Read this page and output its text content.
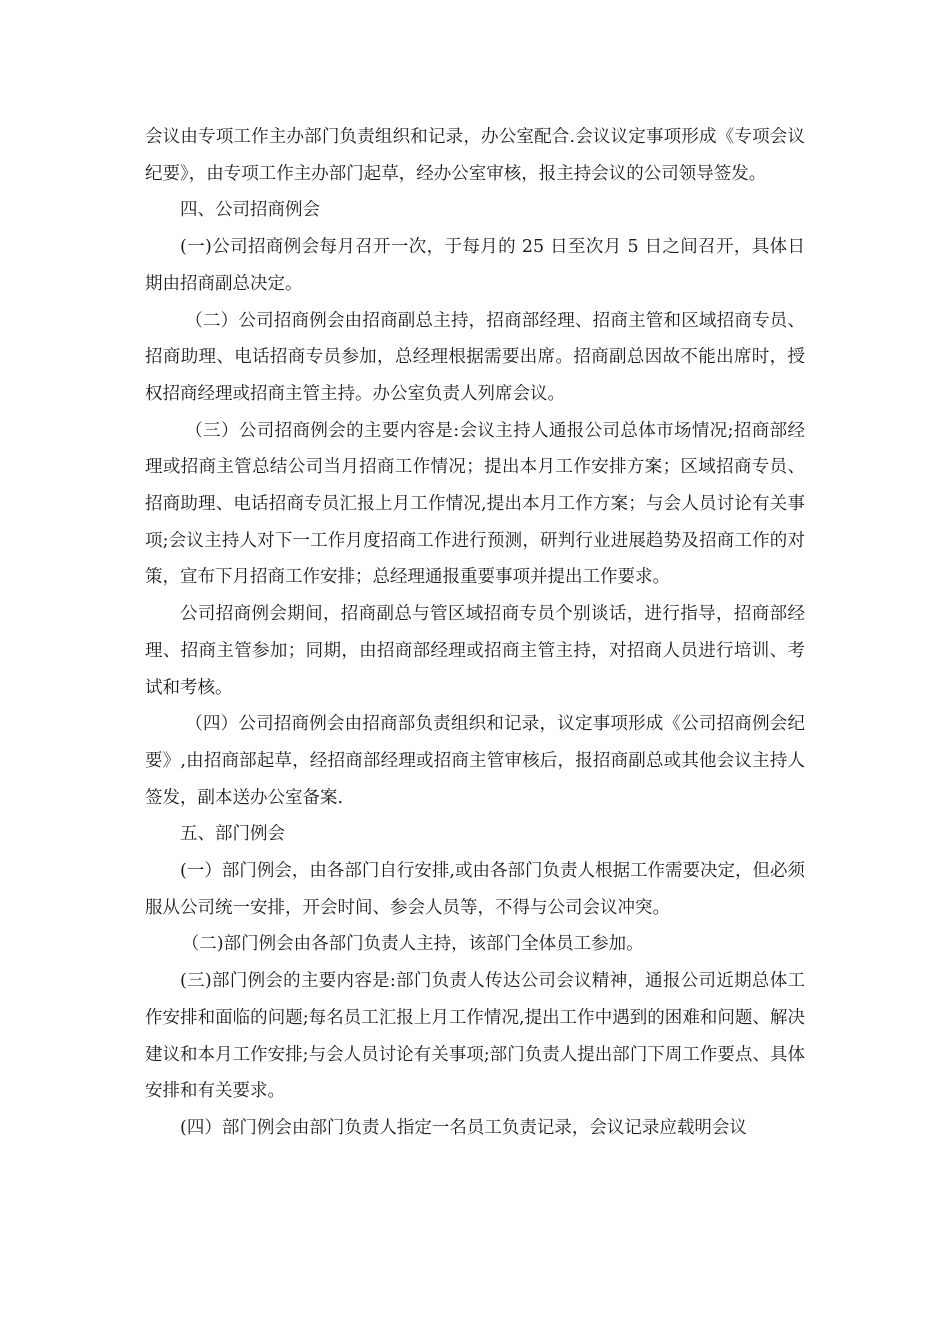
会议由专项工作主办部门负责组织和记录，办公室配合.会议议定事项形成《专项会议纪要》，由专项工作主办部门起草，经办公室审核，报主持会议的公司领导签发。

四、公司招商例会

(一)公司招商例会每月召开一次，于每月的 25 日至次月 5 日之间召开，具体日期由招商副总决定。

（二）公司招商例会由招商副总主持，招商部经理、招商主管和区域招商专员、招商助理、电话招商专员参加，总经理根据需要出席。招商副总因故不能出席时，授权招商经理或招商主管主持。办公室负责人列席会议。

（三）公司招商例会的主要内容是:会议主持人通报公司总体市场情况;招商部经理或招商主管总结公司当月招商工作情况；提出本月工作安排方案；区域招商专员、招商助理、电话招商专员汇报上月工作情况,提出本月工作方案；与会人员讨论有关事项;会议主持人对下一工作月度招商工作进行预测，研判行业进展趋势及招商工作的对策，宣布下月招商工作安排；总经理通报重要事项并提出工作要求。

公司招商例会期间，招商副总与管区域招商专员个别谈话，进行指导，招商部经理、招商主管参加；同期，由招商部经理或招商主管主持，对招商人员进行培训、考试和考核。

（四）公司招商例会由招商部负责组织和记录，议定事项形成《公司招商例会纪要》,由招商部起草，经招商部经理或招商主管审核后，报招商副总或其他会议主持人签发，副本送办公室备案.

五、部门例会

(一）部门例会，由各部门自行安排,或由各部门负责人根据工作需要决定，但必须服从公司统一安排，开会时间、参会人员等，不得与公司会议冲突。

（二)部门例会由各部门负责人主持，该部门全体员工参加。

(三)部门例会的主要内容是:部门负责人传达公司会议精神，通报公司近期总体工作安排和面临的问题;每名员工汇报上月工作情况,提出工作中遇到的困难和问题、解决建议和本月工作安排;与会人员讨论有关事项;部门负责人提出部门下周工作要点、具体安排和有关要求。

(四）部门例会由部门负责人指定一名员工负责记录，会议记录应载明会议
